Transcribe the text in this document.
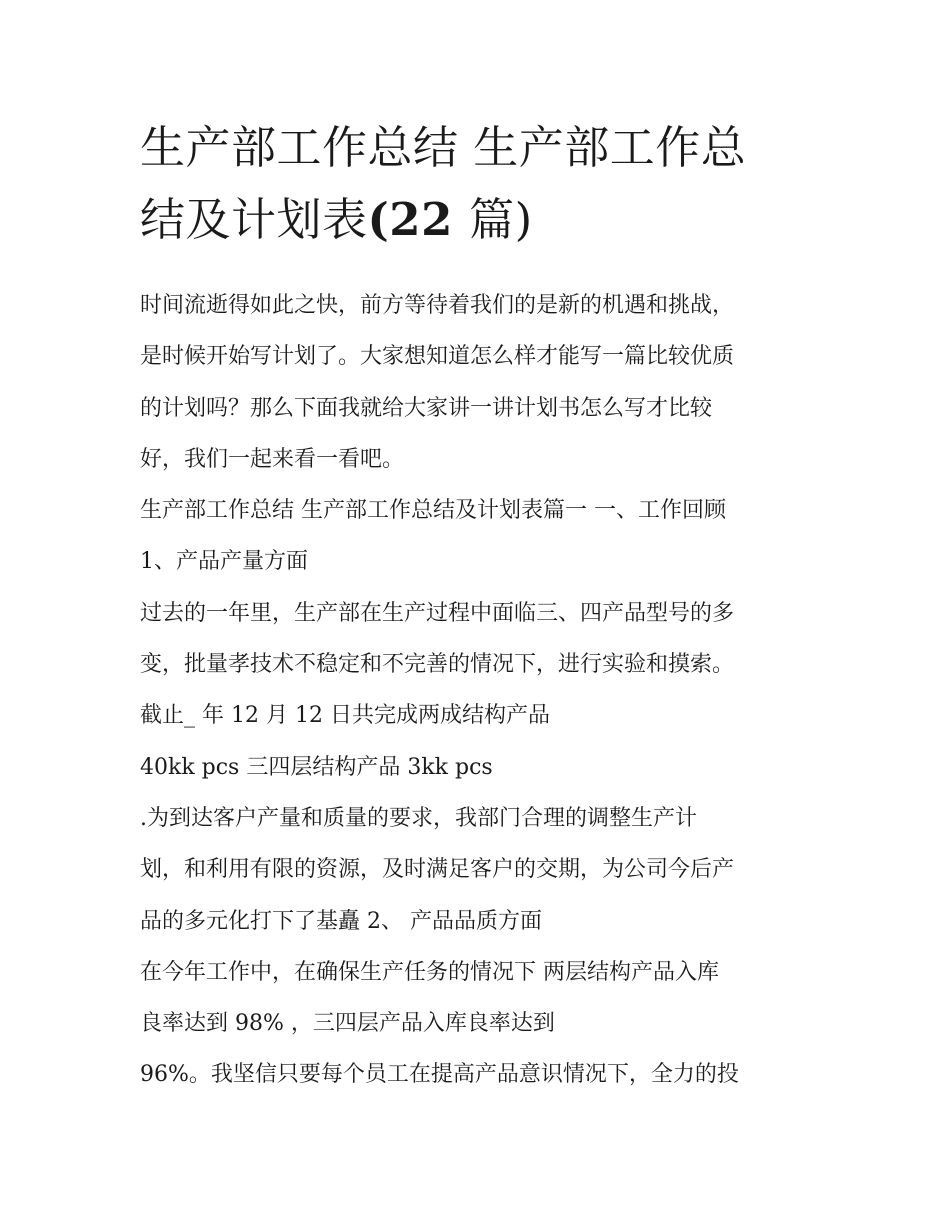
生产部工作总结 生产部工作总
结及计划表(22 篇)
时间流逝得如此之快，前方等待着我们的是新的机遇和挑战，
是时候开始写计划了。大家想知道怎么样才能写一篇比较优质
的计划吗？那么下面我就给大家讲一讲计划书怎么写才比较
好，我们一起来看一看吧。
生产部工作总结 生产部工作总结及计划表篇一 一、工作回顾
1、产品产量方面
过去的一年里，生产部在生产过程中面临三、四产品型号的多
变，批量孝技术不稳定和不完善的情况下，进行实验和摸索。
截止_ 年 12 月 12 日共完成两成结构产品
40kk pcs 三四层结构产品 3kk pcs
.为到达客户产量和质量的要求，我部门合理的调整生产计
划，和利用有限的资源，及时满足客户的交期，为公司今后产
品的多元化打下了基矗 2、 产品品质方面
在今年工作中，在确保生产任务的情况下 两层结构产品入库
良率达到 98% ，三四层产品入库良率达到
96%。我坚信只要每个员工在提高产品意识情况下，全力的投
